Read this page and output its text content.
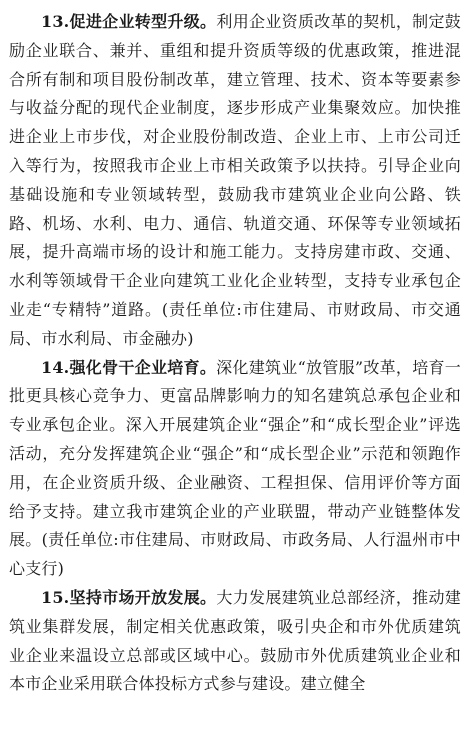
13.促进企业转型升级。利用企业资质改革的契机，制定鼓励企业联合、兼并、重组和提升资质等级的优惠政策，推进混合所有制和项目股份制改革，建立管理、技术、资本等要素参与收益分配的现代企业制度，逐步形成产业集聚效应。加快推进企业上市步伐，对企业股份制改造、企业上市、上市公司迁入等行为，按照我市企业上市相关政策予以扶持。引导企业向基础设施和专业领域转型，鼓励我市建筑业企业向公路、铁路、机场、水利、电力、通信、轨道交通、环保等专业领域拓展，提升高端市场的设计和施工能力。支持房建市政、交通、水利等领域骨干企业向建筑工业化企业转型，支持专业承包企业走“专精特”道路。(责任单位:市住建局、市财政局、市交通局、市水利局、市金融办)

14.强化骨干企业培育。深化建筑业“放管服”改革，培育一批更具核心竞争力、更富品牌影响力的知名建筑总承包企业和专业承包企业。深入开展建筑企业“强企”和“成长型企业”评选活动，充分发挥建筑企业“强企”和“成长型企业”示范和领跑作用，在企业资质升级、企业融资、工程担保、信用评价等方面给予支持。建立我市建筑企业的产业联盟，带动产业链整体发展。(责任单位:市住建局、市财政局、市政务局、人行温州市中心支行)

15.坚持市场开放发展。大力发展建筑业总部经济，推动建筑业集群发展，制定相关优惠政策，吸引央企和市外优质建筑业企业来温设立总部或区域中心。鼓励市外优质建筑业企业和本市企业采用联合体投标方式参与建设。建立健全
